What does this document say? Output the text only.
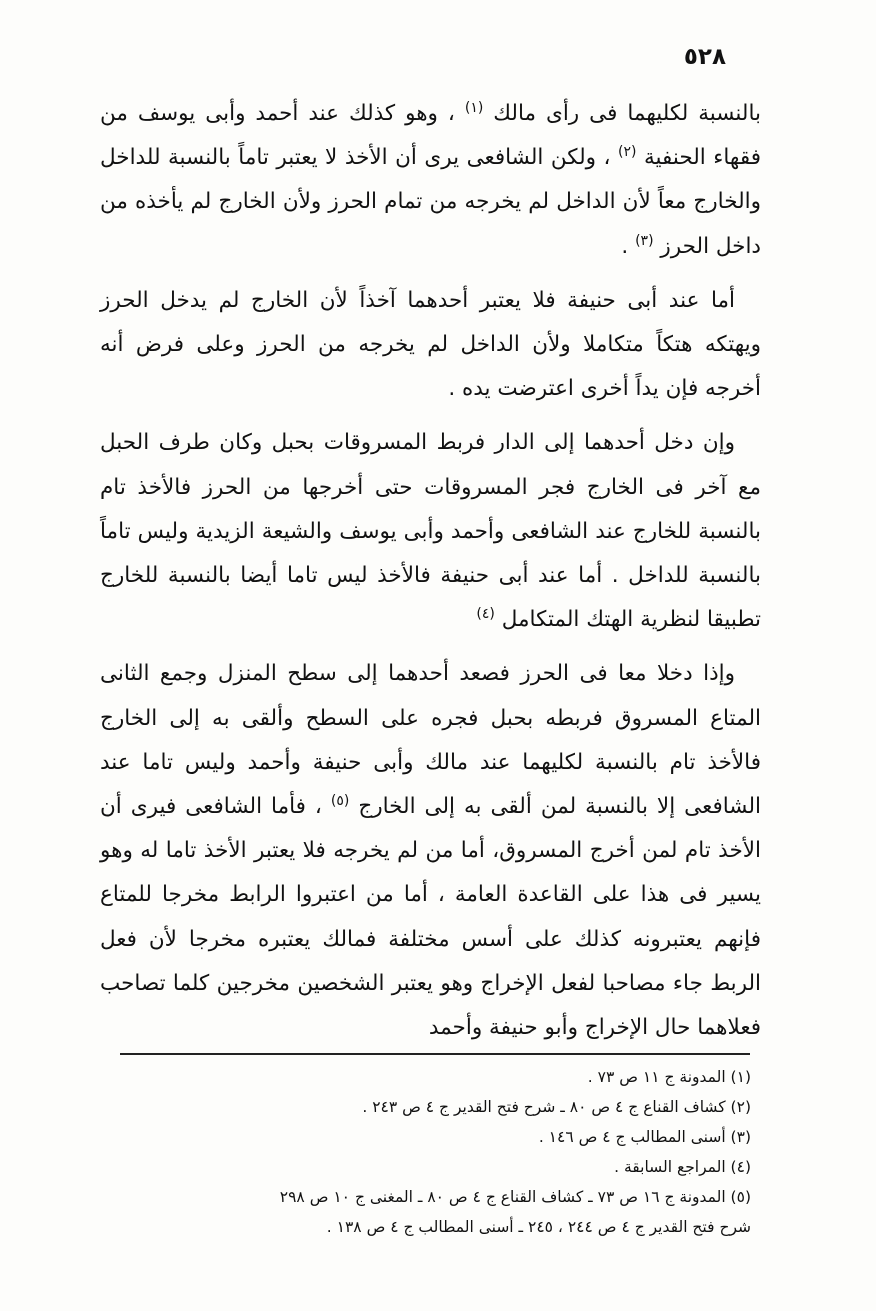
٥٢٨

بالنسبة لكليهما فى رأى مالك $^{(١)}$ ، وهو كذلك عند أحمد وأبى يوسف من فقهاء الحنفية $^{(٢)}$ ، ولكن الشافعى يرى أن الأخذ لا يعتبر تاماً بالنسبة للداخل والخارج معاً لأن الداخل لم يخرجه من تمام الحرز ولأن الخارج لم يأخذه من داخل الحرز $^{(٣)}$ .

أما عند أبى حنيفة فلا يعتبر أحدهما آخذاً لأن الخارج لم يدخل الحرز ويهتكه هتكاً متكاملا ولأن الداخل لم يخرجه من الحرز وعلى فرض أنه أخرجه فإن يداً أخرى اعترضت يده .

وإن دخل أحدهما إلى الدار فربط المسروقات بحبل وكان طرف الحبل مع آخر فى الخارج فجر المسروقات حتى أخرجها من الحرز فالأخذ تام بالنسبة للخارج عند الشافعى وأحمد وأبى يوسف والشيعة الزيدية وليس تاماً بالنسبة للداخل . أما عند أبى حنيفة فالأخذ ليس تاما أيضا بالنسبة للخارج تطبيقا لنظرية الهتك المتكامل $^{(٤)}$

وإذا دخلا معا فى الحرز فصعد أحدهما إلى سطح المنزل وجمع الثانى المتاع المسروق فربطه بحبل فجره على السطح وألقى به إلى الخارج فالأخذ تام بالنسبة لكليهما عند مالك وأبى حنيفة وأحمد وليس تاما عند الشافعى إلا بالنسبة لمن ألقى به إلى الخارج $^{(٥)}$ ، فأما الشافعى فيرى أن الأخذ تام لمن أخرج المسروق، أما من لم يخرجه فلا يعتبر الأخذ تاما له وهو يسير فى هذا على القاعدة العامة ، أما من اعتبروا الرابط مخرجا للمتاع فإنهم يعتبرونه كذلك على أسس مختلفة فمالك يعتبره مخرجا لأن فعل الربط جاء مصاحبا لفعل الإخراج وهو يعتبر الشخصين مخرجين كلما تصاحب فعلاهما حال الإخراج وأبو حنيفة وأحمد

(١) المدونة ج ١١ ص ٧٣ .

(٢) كشاف القناع ج ٤ ص ٨٠ ـ شرح فتح القدير ج ٤ ص ٢٤٣ .

(٣) أسنى المطالب ج ٤ ص ١٤٦ .

(٤) المراجع السابقة .

(٥) المدونة ج ١٦ ص ٧٣ ـ كشاف القناع ج ٤ ص ٨٠ ـ المغنى ج ١٠ ص ٢٩٨

شرح فتح القدير ج ٤ ص ٢٤٤ ، ٢٤٥ ـ أسنى المطالب ج ٤ ص ١٣٨ .
